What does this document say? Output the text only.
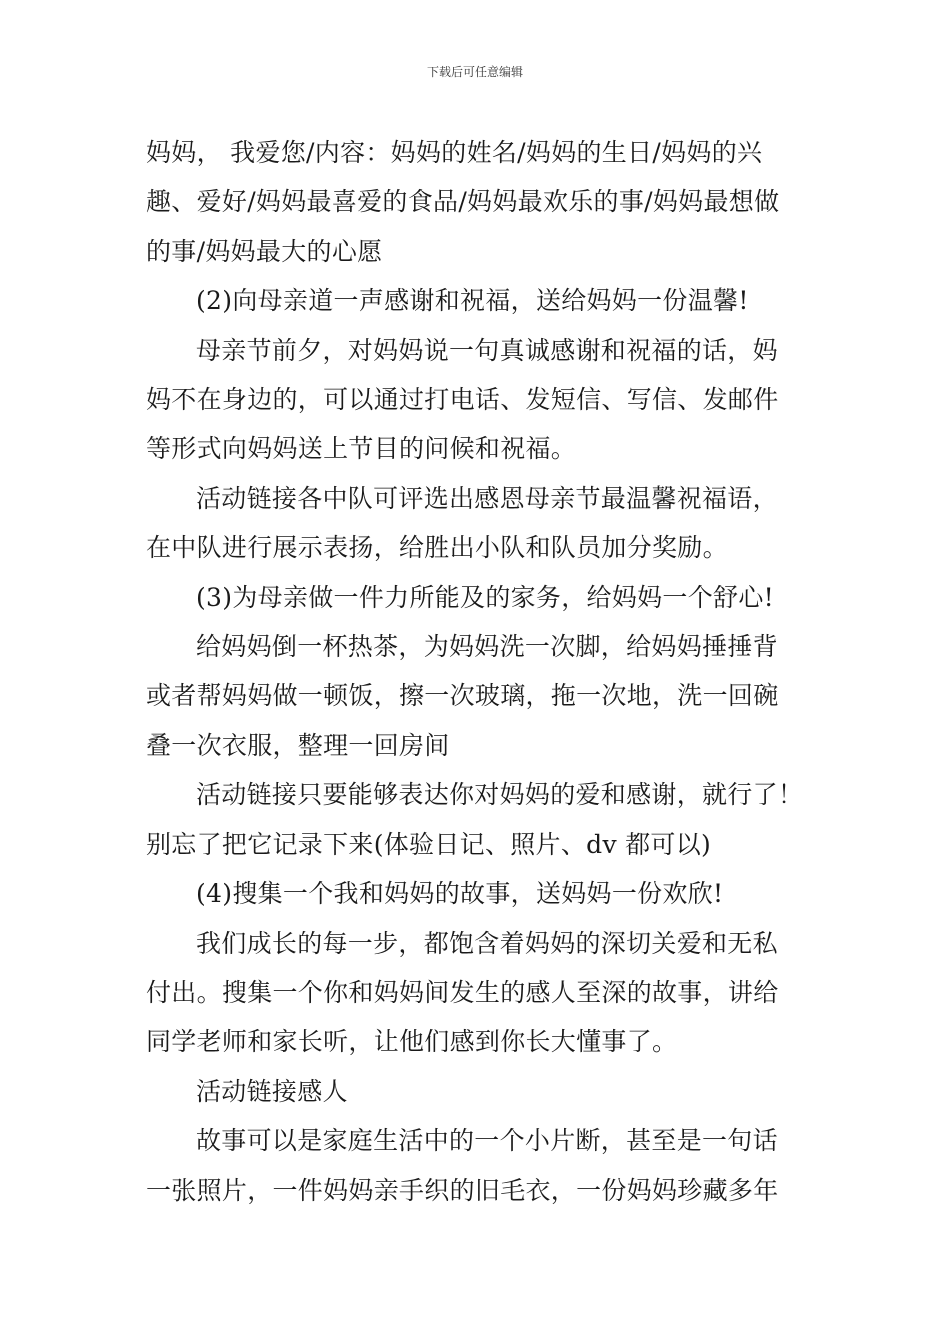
下载后可任意编辑

妈妈， 我爱您/内容：妈妈的姓名/妈妈的生日/妈妈的兴

趣、爱好/妈妈最喜爱的食品/妈妈最欢乐的事/妈妈最想做

的事/妈妈最大的心愿

(2)向母亲道一声感谢和祝福，送给妈妈一份温馨!

母亲节前夕，对妈妈说一句真诚感谢和祝福的话，妈

妈不在身边的，可以通过打电话、发短信、写信、发邮件

等形式向妈妈送上节目的问候和祝福。

活动链接各中队可评选出感恩母亲节最温馨祝福语，

在中队进行展示表扬，给胜出小队和队员加分奖励。

(3)为母亲做一件力所能及的家务，给妈妈一个舒心!

给妈妈倒一杯热茶，为妈妈洗一次脚，给妈妈捶捶背

或者帮妈妈做一顿饭，擦一次玻璃，拖一次地，洗一回碗

叠一次衣服，整理一回房间

活动链接只要能够表达你对妈妈的爱和感谢，就行了！

别忘了把它记录下来(体验日记、照片、dv 都可以)

(4)搜集一个我和妈妈的故事，送妈妈一份欢欣!

我们成长的每一步，都饱含着妈妈的深切关爱和无私

付出。搜集一个你和妈妈间发生的感人至深的故事，讲给

同学老师和家长听，让他们感到你长大懂事了。

活动链接感人

故事可以是家庭生活中的一个小片断，甚至是一句话

一张照片，一件妈妈亲手织的旧毛衣，一份妈妈珍藏多年
